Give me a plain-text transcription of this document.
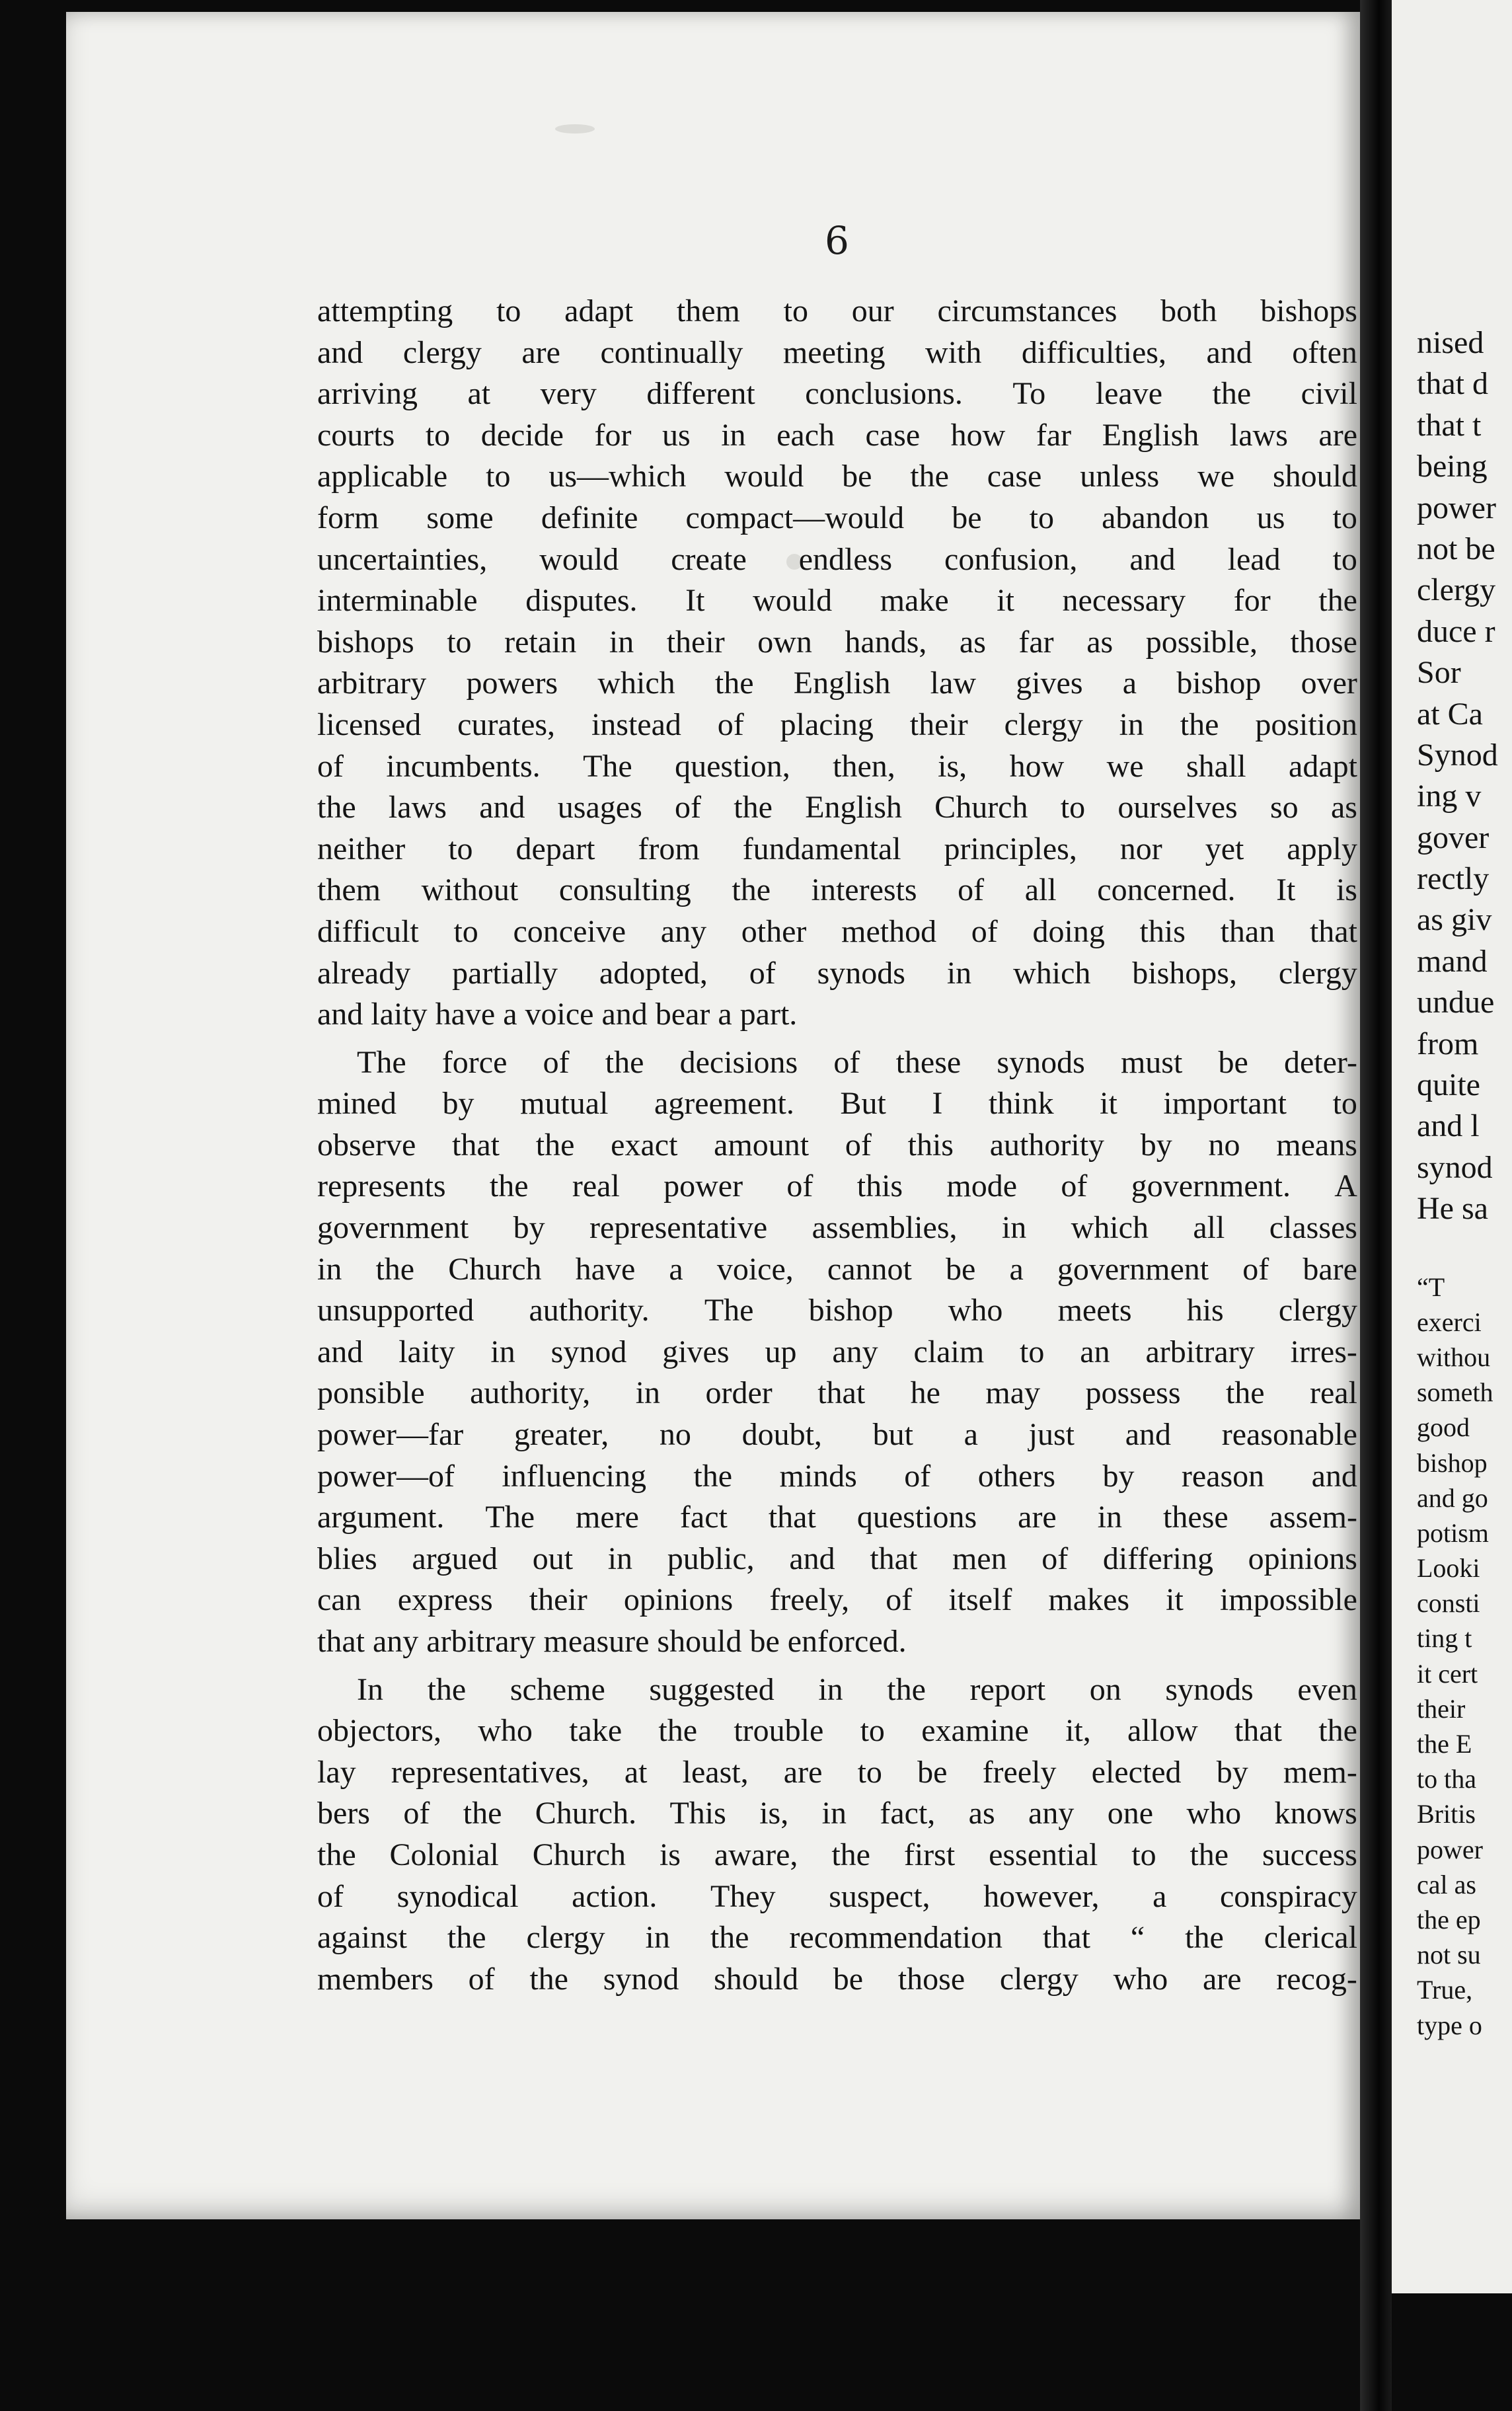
6
attempting to adapt them to our circumstances both bishops
and clergy are continually meeting with difficulties, and often
arriving at very different conclusions. To leave the civil
courts to decide for us in each case how far English laws are
applicable to us—which would be the case unless we should
form some definite compact—would be to abandon us to
uncertainties, would create endless confusion, and lead to
interminable disputes. It would make it necessary for the
bishops to retain in their own hands, as far as possible, those
arbitrary powers which the English law gives a bishop over
licensed curates, instead of placing their clergy in the position
of incumbents. The question, then, is, how we shall adapt
the laws and usages of the English Church to ourselves so as
neither to depart from fundamental principles, nor yet apply
them without consulting the interests of all concerned. It is
difficult to conceive any other method of doing this than that
already partially adopted, of synods in which bishops, clergy
and laity have a voice and bear a part.
The force of the decisions of these synods must be deter-
mined by mutual agreement. But I think it important to
observe that the exact amount of this authority by no means
represents the real power of this mode of government. A
government by representative assemblies, in which all classes
in the Church have a voice, cannot be a government of bare
unsupported authority. The bishop who meets his clergy
and laity in synod gives up any claim to an arbitrary irres-
ponsible authority, in order that he may possess the real
power—far greater, no doubt, but a just and reasonable
power—of influencing the minds of others by reason and
argument. The mere fact that questions are in these assem-
blies argued out in public, and that men of differing opinions
can express their opinions freely, of itself makes it impossible
that any arbitrary measure should be enforced.
In the scheme suggested in the report on synods even
objectors, who take the trouble to examine it, allow that the
lay representatives, at least, are to be freely elected by mem-
bers of the Church. This is, in fact, as any one who knows
the Colonial Church is aware, the first essential to the success
of synodical action. They suspect, however, a conspiracy
against the clergy in the recommendation that “ the clerical
members of the synod should be those clergy who are recog-
nised
that d
that t
being
power
not be
clergy
duce r
Sor
at Ca
Synod
ing v
gover
rectly
as giv
mand
undue
from
quite
and l
synod
He sa
“T
exerci
withou
someth
good
bishop
and go
potism
Looki
consti
ting t
it cert
their
the E
to tha
Britis
power
cal as
the ep
not su
True,
type o
